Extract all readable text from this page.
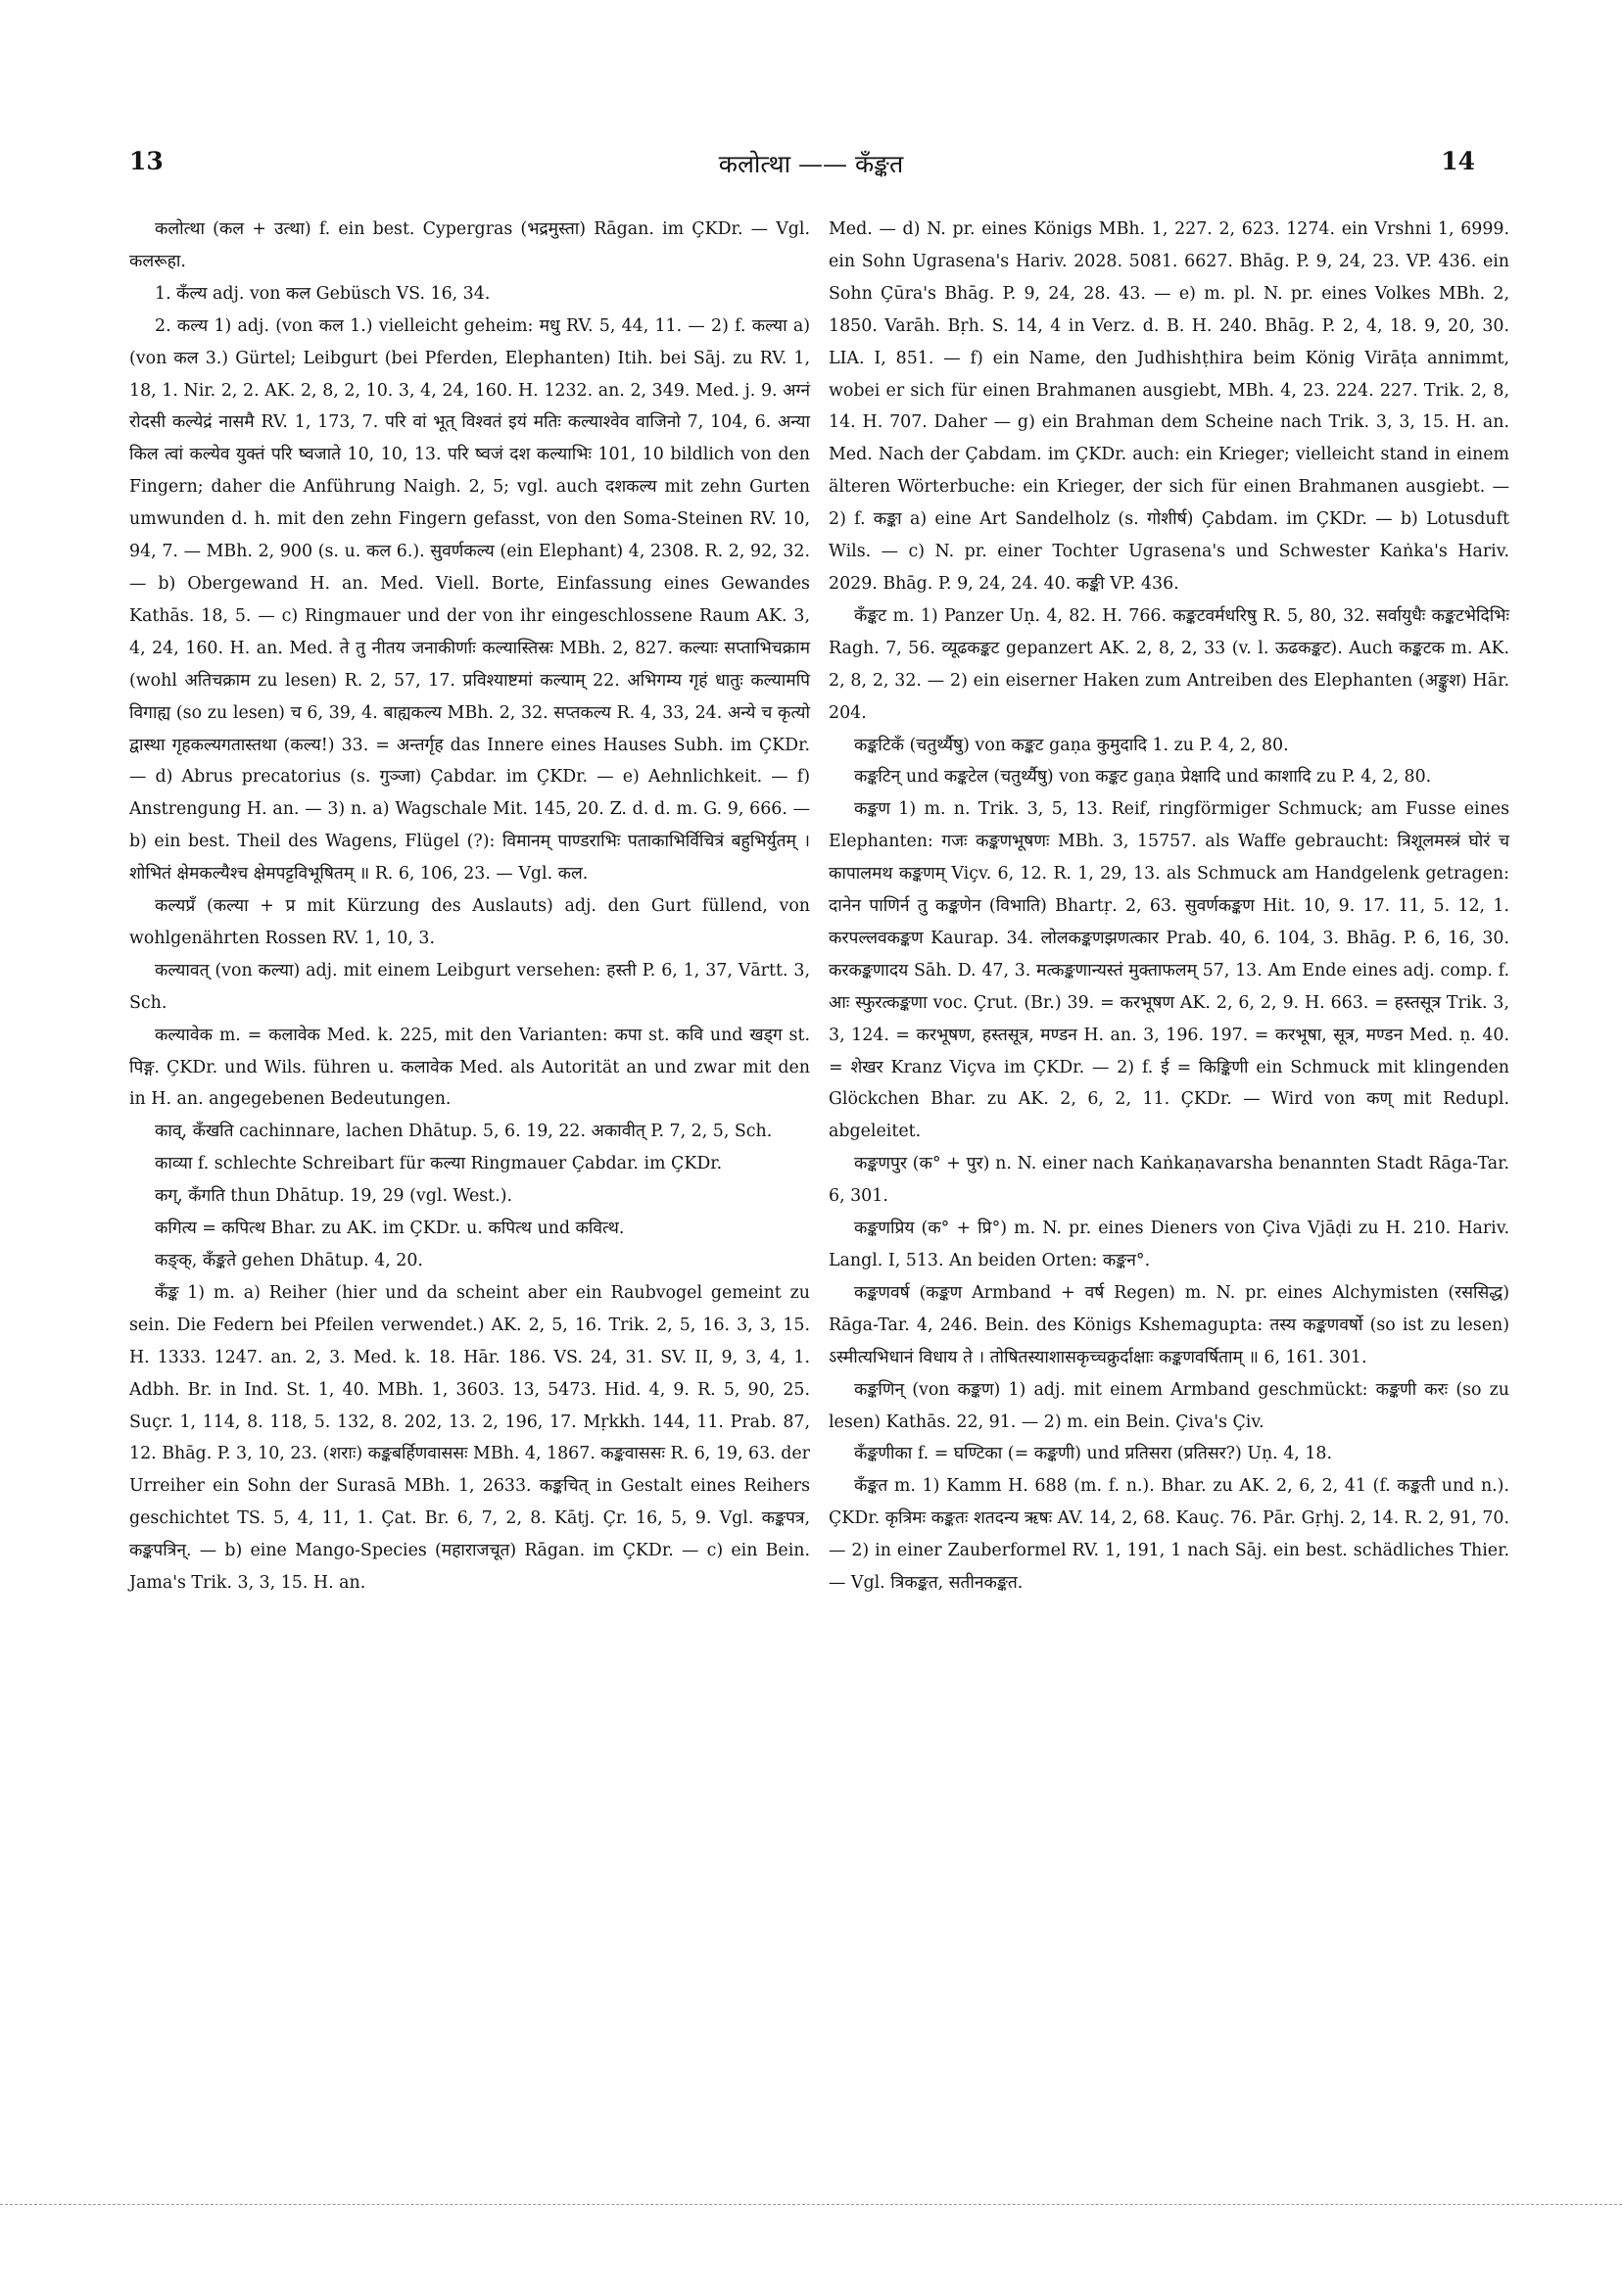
13	कलोत्था —— कँङ्कत	14

कलोत्था (कल + उत्था) f. ein best. Cypergras (भद्रमुस्ता) Rāgan. im ÇKDr. — Vgl. कलरूहा.

1. कँल्य adj. von कल Gebüsch VS. 16, 34.

2. कल्य 1) adj. (von कल 1.) vielleicht geheim: मधु RV. 5, 44, 11. — 2) f. कल्या a) (von कल 3.) Gürtel; Leibgurt (bei Pferden, Elephanten) Itih. bei Sāj. zu RV. 1, 18, 1. Nir. 2, 2. AK. 2, 8, 2, 10. 3, 4, 24, 160. H. 1232. an. 2, 349. Med. j. 9. अग्नं रोदसी कल्येद्रं नासमै RV. 1, 173, 7. परि वां भूत् विश्वतं इयं मतिः कल्याश्वेव वाजिनो 7, 104, 6. अन्या किल त्वां कल्येव युक्तं परि ष्वजाते 10, 10, 13. परि ष्वजं दश कल्याभिः 101, 10 bildlich von den Fingern; daher die Anführung Naigh. 2, 5; vgl. auch दशकल्य mit zehn Gurten umwunden d. h. mit den zehn Fingern gefasst, von den Soma-Steinen RV. 10, 94, 7. — MBh. 2, 900 (s. u. कल 6.). सुवर्णकल्य (ein Elephant) 4, 2308. R. 2, 92, 32. — b) Obergewand H. an. Med. Viell. Borte, Einfassung eines Gewandes Kathās. 18, 5. — c) Ringmauer und der von ihr eingeschlossene Raum AK. 3, 4, 24, 160. H. an. Med. ते तु नीतय जनाकीर्णाः कल्यास्तिस्रः MBh. 2, 827. कल्याः सप्ताभिचक्राम (wohl अतिचक्राम zu lesen) R. 2, 57, 17. प्रविश्याष्टमां कल्याम् 22. अभिगम्य गृहं धातुः कल्यामपि विगाह्य (so zu lesen) च 6, 39, 4. बाह्यकल्य MBh. 2, 32. सप्तकल्य R. 4, 33, 24. अन्ये च कृत्यो द्वास्था गृहकल्यगतास्तथा (कल्य!) 33. = अन्तर्गृह das Innere eines Hauses Subh. im ÇKDr. — d) Abrus precatorius (s. गुञ्जा) Çabdar. im ÇKDr. — e) Aehnlichkeit. — f) Anstrengung H. an. — 3) n. a) Wagschale Mit. 145, 20. Z. d. d. m. G. 9, 666. — b) ein best. Theil des Wagens, Flügel (?): विमानम् पाण्डराभिः पताकाभिर्विचित्रं बहुभिर्युतम् । शोभितं क्षेमकल्यैश्च क्षेमपट्टविभूषितम् ॥ R. 6, 106, 23. — Vgl. कल.

कल्यप्रँ (कल्या + प्र mit Kürzung des Auslauts) adj. den Gurt füllend, von wohlgenährten Rossen RV. 1, 10, 3.

कल्यावत् (von कल्या) adj. mit einem Leibgurt versehen: हस्ती P. 6, 1, 37, Vārtt. 3, Sch.

कल्यावेक m. = कलावेक Med. k. 225, mit den Varianten: कपा st. कवि und खड्ग st. पिङ्ग. ÇKDr. und Wils. führen u. कलावेक Med. als Autorität an und zwar mit den in H. an. angegebenen Bedeutungen.

काव्, कँखति cachinnare, lachen Dhātup. 5, 6. 19, 22. अकावीत् P. 7, 2, 5, Sch.

काव्या f. schlechte Schreibart für कल्या Ringmauer Çabdar. im ÇKDr.

कग्, कँगति thun Dhātup. 19, 29 (vgl. West.).

कगित्य = कपित्थ Bhar. zu AK. im ÇKDr. u. कपित्थ und कवित्थ.

कङ्क्, कँङ्कते gehen Dhātup. 4, 20.

कँङ्क 1) m. a) Reiher (hier und da scheint aber ein Raubvogel gemeint zu sein. Die Federn bei Pfeilen verwendet.) AK. 2, 5, 16. Trik. 2, 5, 16. 3, 3, 15. H. 1333. 1247. an. 2, 3. Med. k. 18. Hār. 186. VS. 24, 31. SV. II, 9, 3, 4, 1. Adbh. Br. in Ind. St. 1, 40. MBh. 1, 3603. 13, 5473. Hid. 4, 9. R. 5, 90, 25. Suçr. 1, 114, 8. 118, 5. 132, 8. 202, 13. 2, 196, 17. Mṛkkh. 144, 11. Prab. 87, 12. Bhāg. P. 3, 10, 23. (शराः) कङ्कबर्हिणवाससः MBh. 4, 1867. कङ्कवाससः R. 6, 19, 63. der Urreiher ein Sohn der Surasā MBh. 1, 2633. कङ्कचित् in Gestalt eines Reihers geschichtet TS. 5, 4, 11, 1. Çat. Br. 6, 7, 2, 8. Kātj. Çr. 16, 5, 9. Vgl. कङ्कपत्र, कङ्कपत्रिन्. — b) eine Mango-Species (महाराजचूत) Rāgan. im ÇKDr. — c) ein Bein. Jama's Trik. 3, 3, 15. H. an.

Med. — d) N. pr. eines Königs MBh. 1, 227. 2, 623. 1274. ein Vrshni 1, 6999. ein Sohn Ugrasena's Hariv. 2028. 5081. 6627. Bhāg. P. 9, 24, 23. VP. 436. ein Sohn Çūra's Bhāg. P. 9, 24, 28. 43. — e) m. pl. N. pr. eines Volkes MBh. 2, 1850. Varāh. Bṛh. S. 14, 4 in Verz. d. B. H. 240. Bhāg. P. 2, 4, 18. 9, 20, 30. LIA. I, 851. — f) ein Name, den Judhishṭhira beim König Virāṭa annimmt, wobei er sich für einen Brahmanen ausgiebt, MBh. 4, 23. 224. 227. Trik. 2, 8, 14. H. 707. Daher — g) ein Brahman dem Scheine nach Trik. 3, 3, 15. H. an. Med. Nach der Çabdam. im ÇKDr. auch: ein Krieger; vielleicht stand in einem älteren Wörterbuche: ein Krieger, der sich für einen Brahmanen ausgiebt. — 2) f. कङ्का a) eine Art Sandelholz (s. गोशीर्ष) Çabdam. im ÇKDr. — b) Lotusduft Wils. — c) N. pr. einer Tochter Ugrasena's und Schwester Kaṅka's Hariv. 2029. Bhāg. P. 9, 24, 24. 40. कङ्की VP. 436.

कँङ्कट m. 1) Panzer Uṇ. 4, 82. H. 766. कङ्कटवर्मधरिषु R. 5, 80, 32. सर्वायुधैः कङ्कटभेदिभिः Ragh. 7, 56. व्यूढकङ्कट gepanzert AK. 2, 8, 2, 33 (v. l. ऊढकङ्कट). Auch कङ्कटक m. AK. 2, 8, 2, 32. — 2) ein eiserner Haken zum Antreiben des Elephanten (अङ्कुश) Hār. 204.

कङ्कटिकँ (चतुर्थ्यैषु) von कङ्कट gaṇa कुमुदादि 1. zu P. 4, 2, 80.

कङ्कटिन् und कङ्कटेल (चतुर्थ्यैषु) von कङ्कट gaṇa प्रेक्षादि und काशादि zu P. 4, 2, 80.

कङ्कण 1) m. n. Trik. 3, 5, 13. Reif, ringförmiger Schmuck; am Fusse eines Elephanten: गजः कङ्कणभूषणः MBh. 3, 15757. als Waffe gebraucht: त्रिशूलमस्त्रं घोरं च कापालमथ कङ्कणम् Viçv. 6, 12. R. 1, 29, 13. als Schmuck am Handgelenk getragen: दानेन पाणिर्न तु कङ्कणेन (विभाति) Bhartṛ. 2, 63. सुवर्णकङ्कण Hit. 10, 9. 17. 11, 5. 12, 1. करपल्लवकङ्कण Kaurap. 34. लोलकङ्कणझणत्कार Prab. 40, 6. 104, 3. Bhāg. P. 6, 16, 30. करकङ्कणादय Sāh. D. 47, 3. मत्कङ्कणान्यस्तं मुक्ताफलम् 57, 13. Am Ende eines adj. comp. f. आः स्फुरत्कङ्कणा voc. Çrut. (Br.) 39. = करभूषण AK. 2, 6, 2, 9. H. 663. = हस्तसूत्र Trik. 3, 3, 124. = करभूषण, हस्तसूत्र, मण्डन H. an. 3, 196. 197. = करभूषा, सूत्र, मण्डन Med. ṇ. 40. = शेखर Kranz Viçva im ÇKDr. — 2) f. ई = किङ्किणी ein Schmuck mit klingenden Glöckchen Bhar. zu AK. 2, 6, 2, 11. ÇKDr. — Wird von कण् mit Redupl. abgeleitet.

कङ्कणपुर (क° + पुर) n. N. einer nach Kaṅkaṇavarsha benannten Stadt Rāga-Tar. 6, 301.

कङ्कणप्रिय (क° + प्रि°) m. N. pr. eines Dieners von Çiva Vjāḍi zu H. 210. Hariv. Langl. I, 513. An beiden Orten: कङ्कन°.

कङ्कणवर्ष (कङ्कण Armband + वर्ष Regen) m. N. pr. eines Alchymisten (रससिद्ध) Rāga-Tar. 4, 246. Bein. des Königs Kshemagupta: तस्य कङ्कणवर्षो (so ist zu lesen) ऽस्मीत्यभिधानं विधाय ते । तोषितस्याशासकृच्चक्रुर्दाक्षाः कङ्कणवर्षिताम् ॥ 6, 161. 301.

कङ्कणिन् (von कङ्कण) 1) adj. mit einem Armband geschmückt: कङ्कणी करः (so zu lesen) Kathās. 22, 91. — 2) m. ein Bein. Çiva's Çiv.

कँङ्कणीका f. = घण्टिका (= कङ्कणी) und प्रतिसरा (प्रतिसर?) Uṇ. 4, 18.

कँङ्कत m. 1) Kamm H. 688 (m. f. n.). Bhar. zu AK. 2, 6, 2, 41 (f. कङ्कती und n.). ÇKDr. कृत्रिमः कङ्कतः शतदन्य ऋषः AV. 14, 2, 68. Kauç. 76. Pār. Gṛhj. 2, 14. R. 2, 91, 70. — 2) in einer Zauberformel RV. 1, 191, 1 nach Sāj. ein best. schädliches Thier. — Vgl. त्रिकङ्कत, सतीनकङ्कत.
